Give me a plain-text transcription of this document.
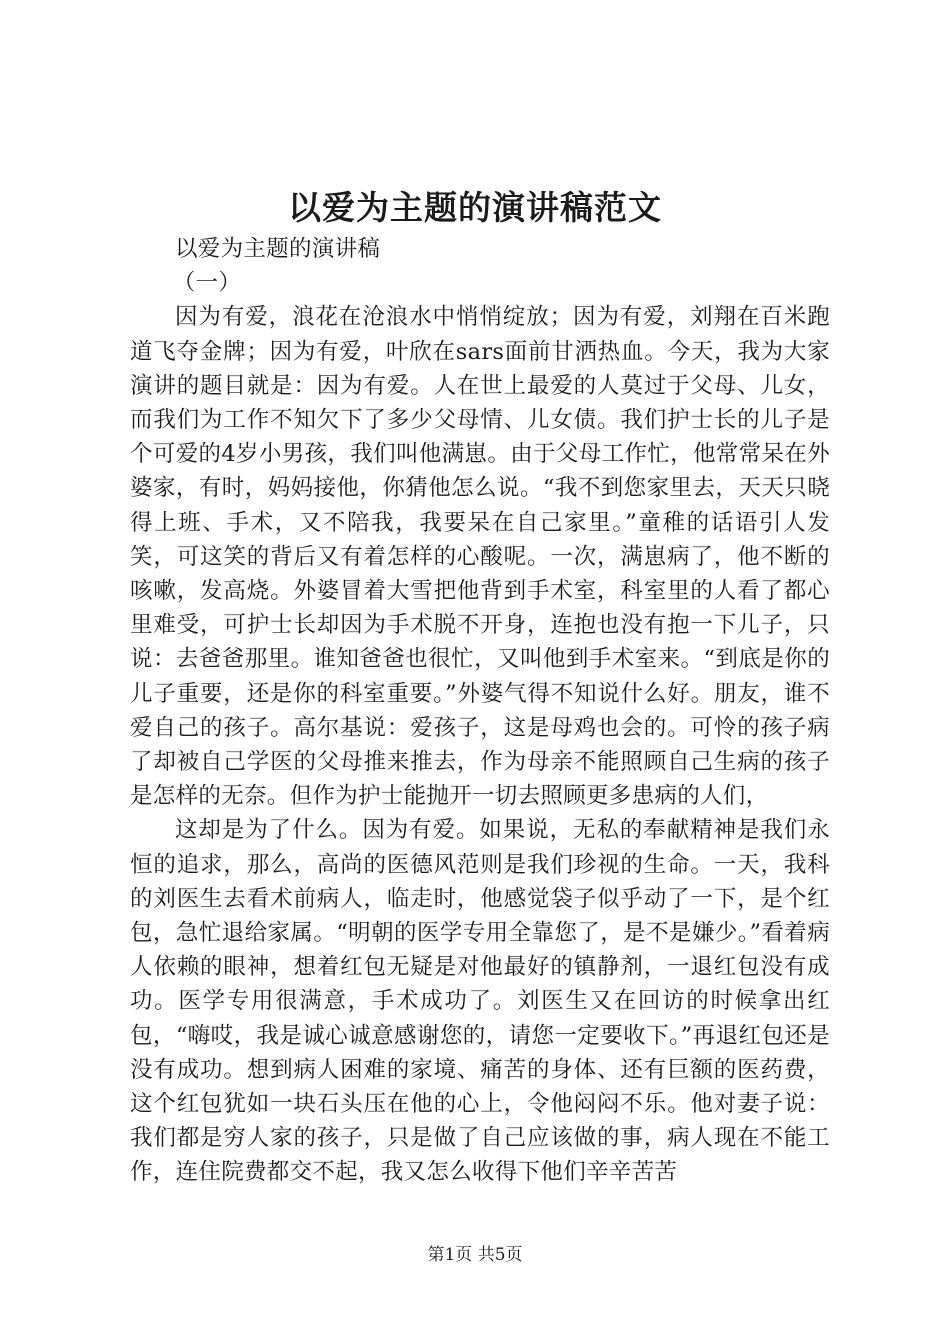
以爱为主题的演讲稿范文

以爱为主题的演讲稿

（一）

因为有爱，浪花在沧浪水中悄悄绽放；因为有爱，刘翔在百米跑道飞夺金牌；因为有爱，叶欣在sars面前甘洒热血。今天，我为大家演讲的题目就是：因为有爱。人在世上最爱的人莫过于父母、儿女，而我们为工作不知欠下了多少父母情、儿女债。我们护士长的儿子是个可爱的4岁小男孩，我们叫他满崽。由于父母工作忙，他常常呆在外婆家，有时，妈妈接他，你猜他怎么说。“我不到您家里去，天天只晓得上班、手术，又不陪我，我要呆在自己家里。”童稚的话语引人发笑，可这笑的背后又有着怎样的心酸呢。一次，满崽病了，他不断的咳嗽，发高烧。外婆冒着大雪把他背到手术室，科室里的人看了都心里难受，可护士长却因为手术脱不开身，连抱也没有抱一下儿子，只说：去爸爸那里。谁知爸爸也很忙，又叫他到手术室来。“到底是你的儿子重要，还是你的科室重要。”外婆气得不知说什么好。朋友，谁不爱自己的孩子。高尔基说：爱孩子，这是母鸡也会的。可怜的孩子病了却被自己学医的父母推来推去，作为母亲不能照顾自己生病的孩子是怎样的无奈。但作为护士能抛开一切去照顾更多患病的人们，

这却是为了什么。因为有爱。如果说，无私的奉献精神是我们永恒的追求，那么，高尚的医德风范则是我们珍视的生命。一天，我科的刘医生去看术前病人，临走时，他感觉袋子似乎动了一下，是个红包，急忙退给家属。“明朝的医学专用全靠您了，是不是嫌少。”看着病人依赖的眼神，想着红包无疑是对他最好的镇静剂，一退红包没有成功。医学专用很满意，手术成功了。刘医生又在回访的时候拿出红包，“嗨哎，我是诚心诚意感谢您的，请您一定要收下。”再退红包还是没有成功。想到病人困难的家境、痛苦的身体、还有巨额的医药费，这个红包犹如一块石头压在他的心上，令他闷闷不乐。他对妻子说：我们都是穷人家的孩子，只是做了自己应该做的事，病人现在不能工作，连住院费都交不起，我又怎么收得下他们辛辛苦苦

第1页 共5页
